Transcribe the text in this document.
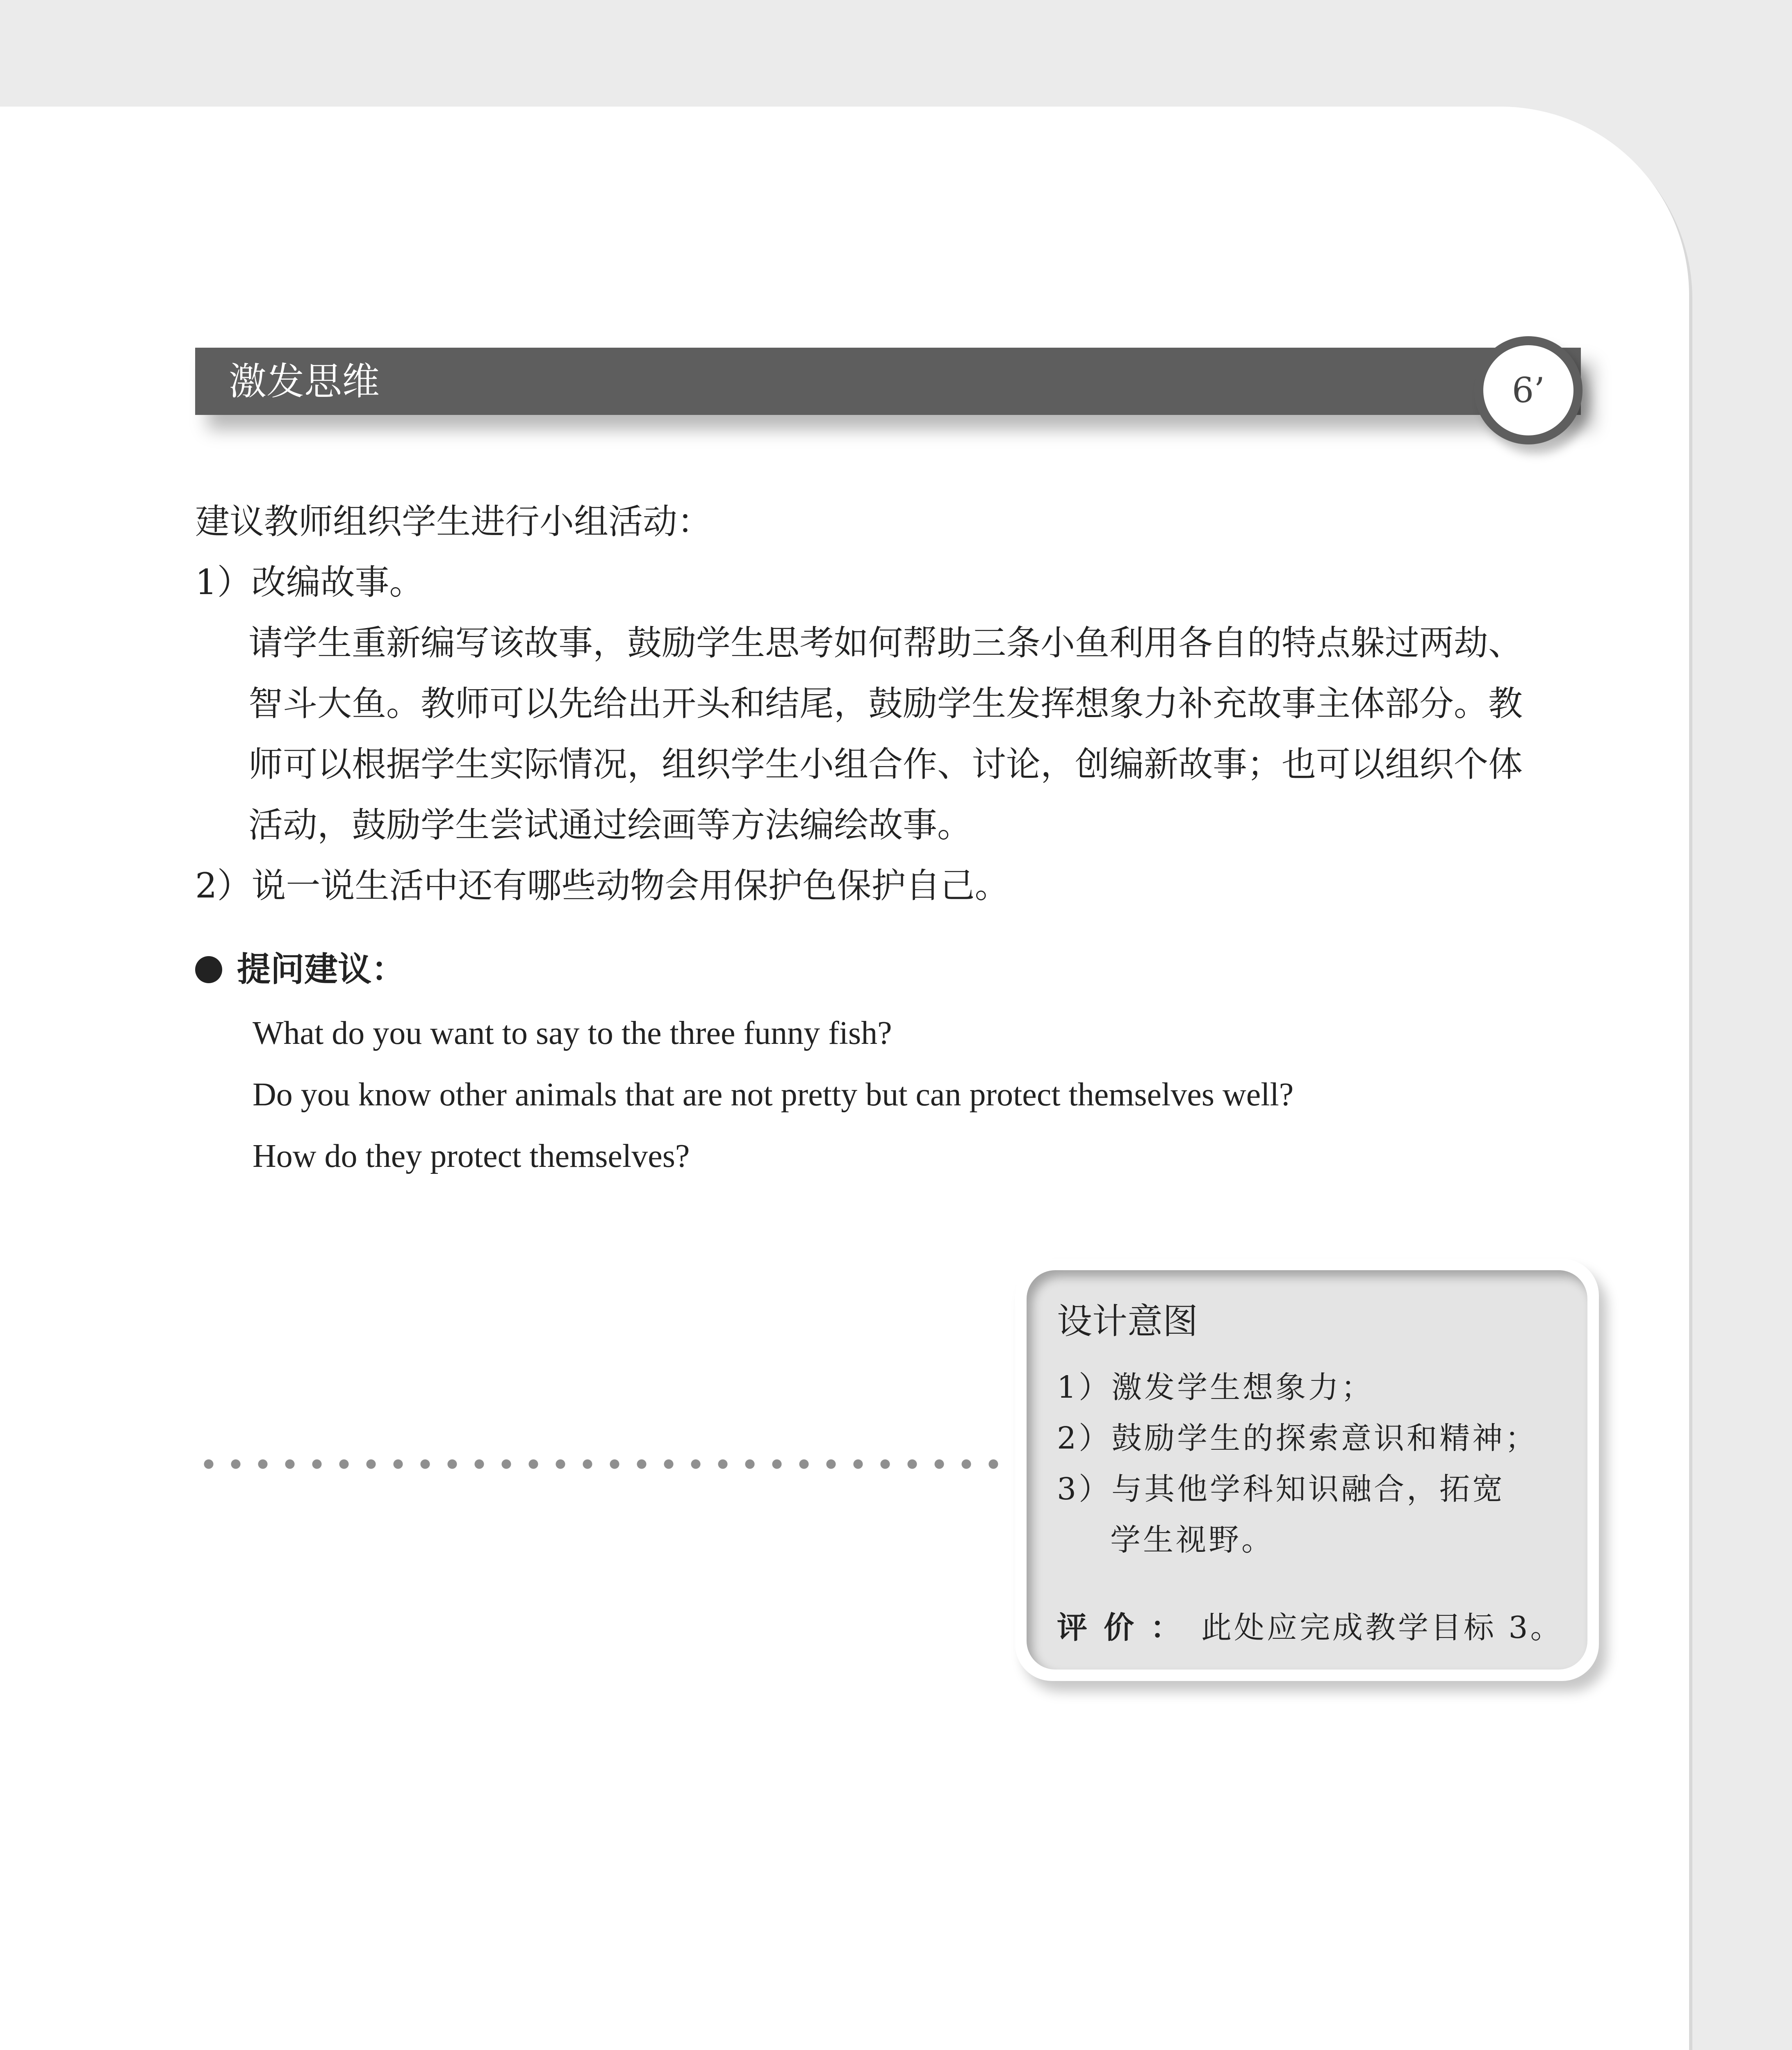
激发思维	6’

建议教师组织学生进行小组活动：

1）改编故事。

请学生重新编写该故事，鼓励学生思考如何帮助三条小鱼利用各自的特点躲过两劫、

智斗大鱼。教师可以先给出开头和结尾，鼓励学生发挥想象力补充故事主体部分。教

师可以根据学生实际情况，组织学生小组合作、讨论，创编新故事；也可以组织个体

活动，鼓励学生尝试通过绘画等方法编绘故事。

2）说一说生活中还有哪些动物会用保护色保护自己。

提问建议：

What do you want to say to the three funny fish?

Do you know other animals that are not pretty but can protect themselves well?

How do they protect themselves?

设计意图

1）激发学生想象力；

2）鼓励学生的探索意识和精神；

3）与其他学科知识融合，拓宽

学生视野。

评价： 此处应完成教学目标 3。
